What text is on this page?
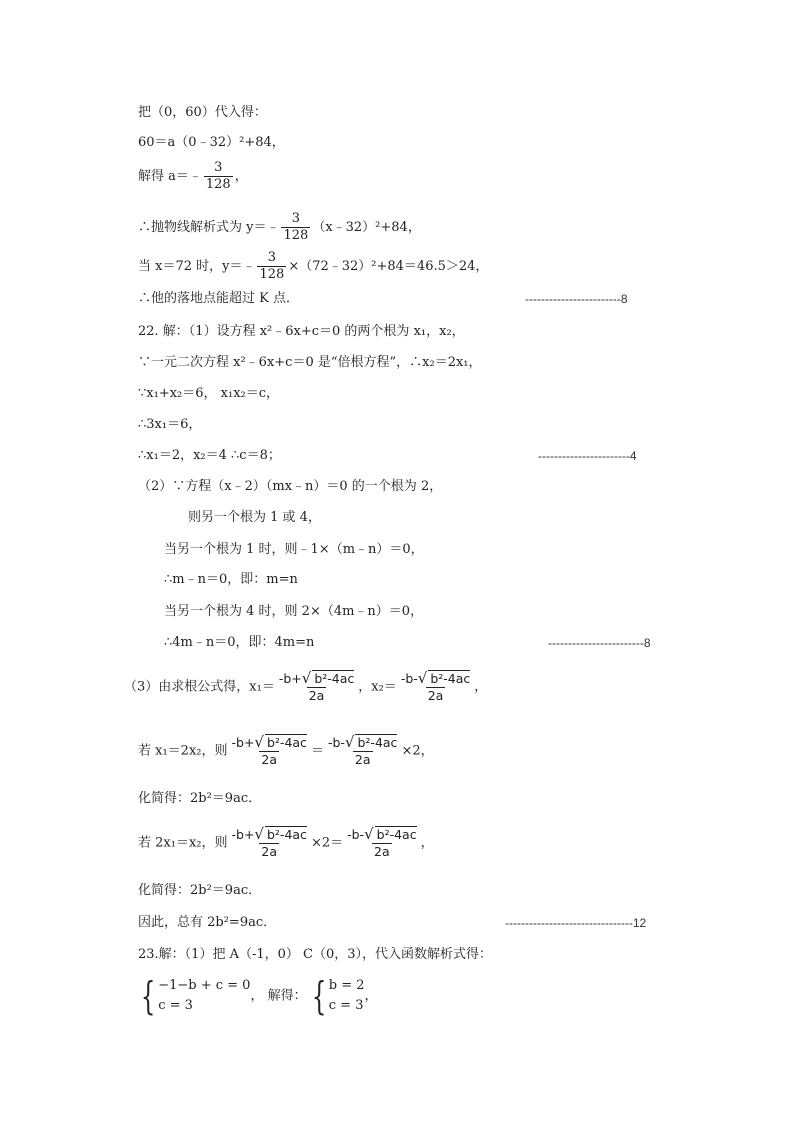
把（0，60）代入得：
60＝a（0﹣32）²+84，
解得 a＝﹣ $\frac{3}{128}$ ，
∴抛物线解析式为 y＝﹣ $\frac{3}{128}$ （x﹣32）²+84，
当 x＝72 时，y＝﹣ $\frac{3}{128}$ ×（72﹣32）²+84＝46.5＞24，
∴他的落地点能超过 K 点．	------------------------8
22. 解：（1）设方程 x²﹣6x+c＝0 的两个根为 x₁，x₂，
∵一元二次方程 x²﹣6x+c＝0 是“倍根方程”，∴x₂＝2x₁，
∵x₁+x₂＝6， x₁x₂＝c，
∴3x₁＝6，
∴x₁＝2，x₂＝4 ∴c＝8；	-----------------------4
（2）∵方程（x﹣2）（mx﹣n）＝0 的一个根为 2，
则另一个根为 1 或 4，
当另一个根为 1 时，则﹣1×（m﹣n）＝0，
∴m﹣n＝0，即：m=n
当另一个根为 4 时，则 2×（4m﹣n）＝0，
∴4m﹣n＝0，即：4m=n	------------------------8
（3）由求根公式得，$x_1= \frac{\text{-b+√ b²-4ac}}{2a}$ ，$x_2= \frac{\text{-b-√ b²-4ac}}{2a}$ ，
若 x₁＝2x₂，则 $\frac{\text{-b+√ b²-4ac}}{2a} = \frac{\text{-b-√ b²-4ac}}{2a} \times 2$，
化简得：2b²＝9ac．
若 2x₁＝x₂，则 $\frac{\text{-b+√ b²-4ac}}{2a} \times 2= \frac{\text{-b-√ b²-4ac}}{2a}$ ，
化简得：2b²＝9ac．
因此，总有 2b²=9ac．	--------------------------------12
23.解：（1）把 A（-1，0） C（0，3），代入函数解析式得：
{ −1−b + c = 0
c = 3
， 解得： { b = 2
c = 3
，
